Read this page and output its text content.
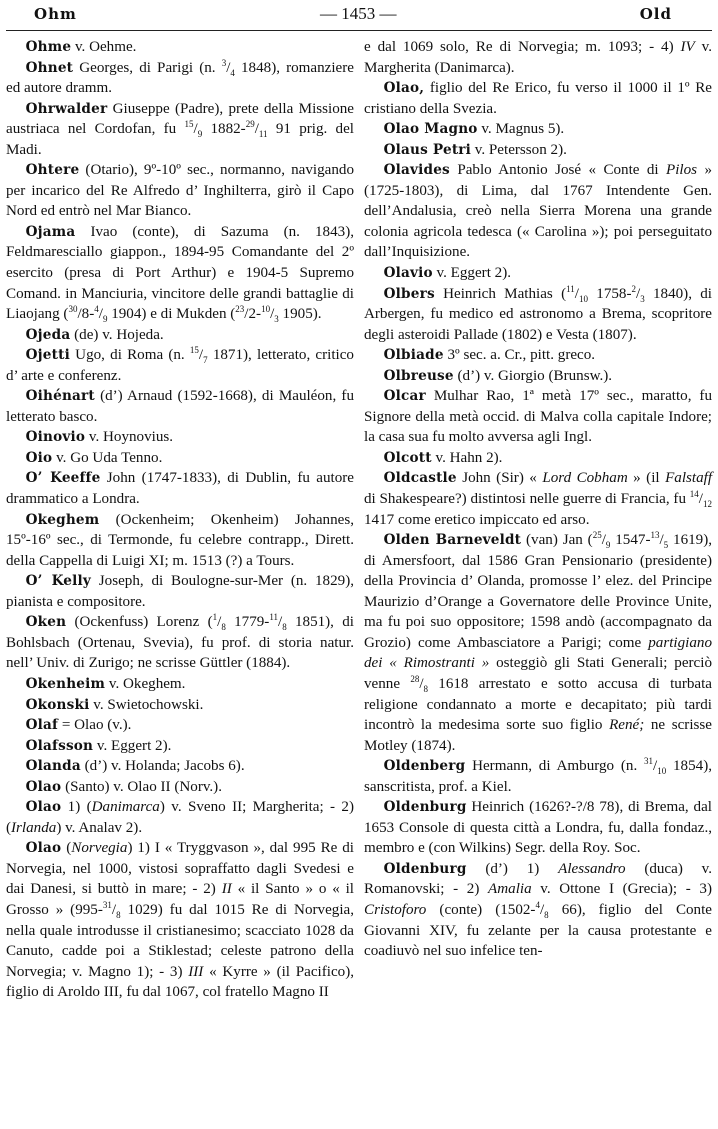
Ohm	— 1453 —	Old

Ohme v. Oehme.

Ohnet Georges, di Parigi (n. $^3/_4$ 1848), romanziere ed autore dramm.

Ohrwalder Giuseppe (Padre), prete della Missione austriaca nel Cordofan, fu $^{15}/_9$ $1882-^{29}/_{11}$ 91 prig. del Madi.

Ohtere (Otario), 9º-10º sec., normanno, navigando per incarico del Re Alfredo d’ Inghilterra, girò il Capo Nord ed entrò nel Mar Bianco.

Ojama Ivao (conte), di Sazuma (n. 1843), Feldmaresciallo giappon., 1894-95 Comandante del 2º esercito (presa di Port Arthur) e 1904-5 Supremo Comand. in Manciuria, vincitore delle grandi battaglie di Liaojang ($^{30}/8-^4/_9$ 1904) e di Mukden ($^{23}/2-^{10}/_3$ 1905).

Ojeda (de) v. Hojeda.

Ojetti Ugo, di Roma (n. $^{15}/_7$ 1871), letterato, critico d’ arte e conferenz.

Oihénart (d’) Arnaud (1592-1668), di Mauléon, fu letterato basco.

Oinovio v. Hoynovius.

Oio v. Go Uda Tenno.

O’ Keeffe John (1747-1833), di Dublin, fu autore drammatico a Londra.

Okeghem (Ockenheim; Okenheim) Johannes, 15º-16º sec., di Termonde, fu celebre contrapp., Dirett. della Cappella di Luigi XI; m. 1513 (?) a Tours.

O’ Kelly Joseph, di Boulogne-sur-Mer (n. 1829), pianista e compositore.

Oken (Ockenfuss) Lorenz ($^1/_8$ $1779-^{11}/_8$ 1851), di Bohlsbach (Ortenau, Svevia), fu prof. di storia natur. nell’ Univ. di Zurigo; ne scrisse Güttler (1884).

Okenheim v. Okeghem.

Okonski v. Swietochowski.

Olaf = Olao (v.).

Olafsson v. Eggert 2).

Olanda (d’) v. Holanda; Jacobs 6).

Olao (Santo) v. Olao II (Norv.).

Olao 1) (Danimarca) v. Sveno II; Margherita; - 2) (Irlanda) v. Analav 2).

Olao (Norvegia) 1) I « Tryggvason », dal 995 Re di Norvegia, nel 1000, vistosi sopraffatto dagli Svedesi e dai Danesi, si buttò in mare; - 2) II « il Santo » o « il Grosso » ($995-^{31}/_8$ 1029) fu dal 1015 Re di Norvegia, nella quale introdusse il cristianesimo; scacciato 1028 da Canuto, cadde poi a Stiklestad; celeste patrono della Norvegia; v. Magno 1); - 3) III « Kyrre » (il Pacifico), figlio di Aroldo III, fu dal 1067, col fratello Magno II

e dal 1069 solo, Re di Norvegia; m. 1093; - 4) IV v. Margherita (Danimarca).

Olao, figlio del Re Erico, fu verso il 1000 il 1º Re cristiano della Svezia.

Olao Magno v. Magnus 5).

Olaus Petri v. Petersson 2).

Olavides Pablo Antonio José « Conte di Pilos » (1725-1803), di Lima, dal 1767 Intendente Gen. dell’Andalusia, creò nella Sierra Morena una grande colonia agricola tedesca (« Carolina »); poi perseguitato dall’Inquisizione.

Olavio v. Eggert 2).

Olbers Heinrich Mathias ($^{11}/_{10}$ $1758-^2/_3$ 1840), di Arbergen, fu medico ed astronomo a Brema, scopritore degli asteroidi Pallade (1802) e Vesta (1807).

Olbiade 3º sec. a. Cr., pitt. greco.

Olbreuse (d’) v. Giorgio (Brunsw.).

Olcar Mulhar Rao, 1ª metà 17º sec., maratto, fu Signore della metà occid. di Malva colla capitale Indore; la casa sua fu molto avversa agli Ingl.

Olcott v. Hahn 2).

Oldcastle John (Sir) « Lord Cobham » (il Falstaff di Shakespeare?) distintosi nelle guerre di Francia, fu $^{14}/_{12}$ 1417 come eretico impiccato ed arso.

Olden Barneveldt (van) Jan ($^{25}/_9$ $1547-^{13}/_5$ 1619), di Amersfoort, dal 1586 Gran Pensionario (presidente) della Provincia d’ Olanda, promosse l’ elez. del Principe Maurizio d’Orange a Governatore delle Province Unite, ma fu poi suo oppositore; 1598 andò (accompagnato da Grozio) come Ambasciatore a Parigi; come partigiano dei « Rimostranti » osteggiò gli Stati Generali; perciò venne $^{28}/_8$ 1618 arrestato e sotto accusa di turbata religione condannato a morte e decapitato; più tardi incontrò la medesima sorte suo figlio René; ne scrisse Motley (1874).

Oldenberg Hermann, di Amburgo (n. $^{31}/_{10}$ 1854), sanscritista, prof. a Kiel.

Oldenburg Heinrich (1626?-?/8 78), di Brema, dal 1653 Console di questa città a Londra, fu, dalla fondaz., membro e (con Wilkins) Segr. della Roy. Soc.

Oldenburg (d’) 1) Alessandro (duca) v. Romanovski; - 2) Amalia v. Ottone I (Grecia); - 3) Cristoforo (conte) ($1502-^4/_8$ 66), figlio del Conte Giovanni XIV, fu zelante per la causa protestante e coadiuvò nel suo infelice ten-
